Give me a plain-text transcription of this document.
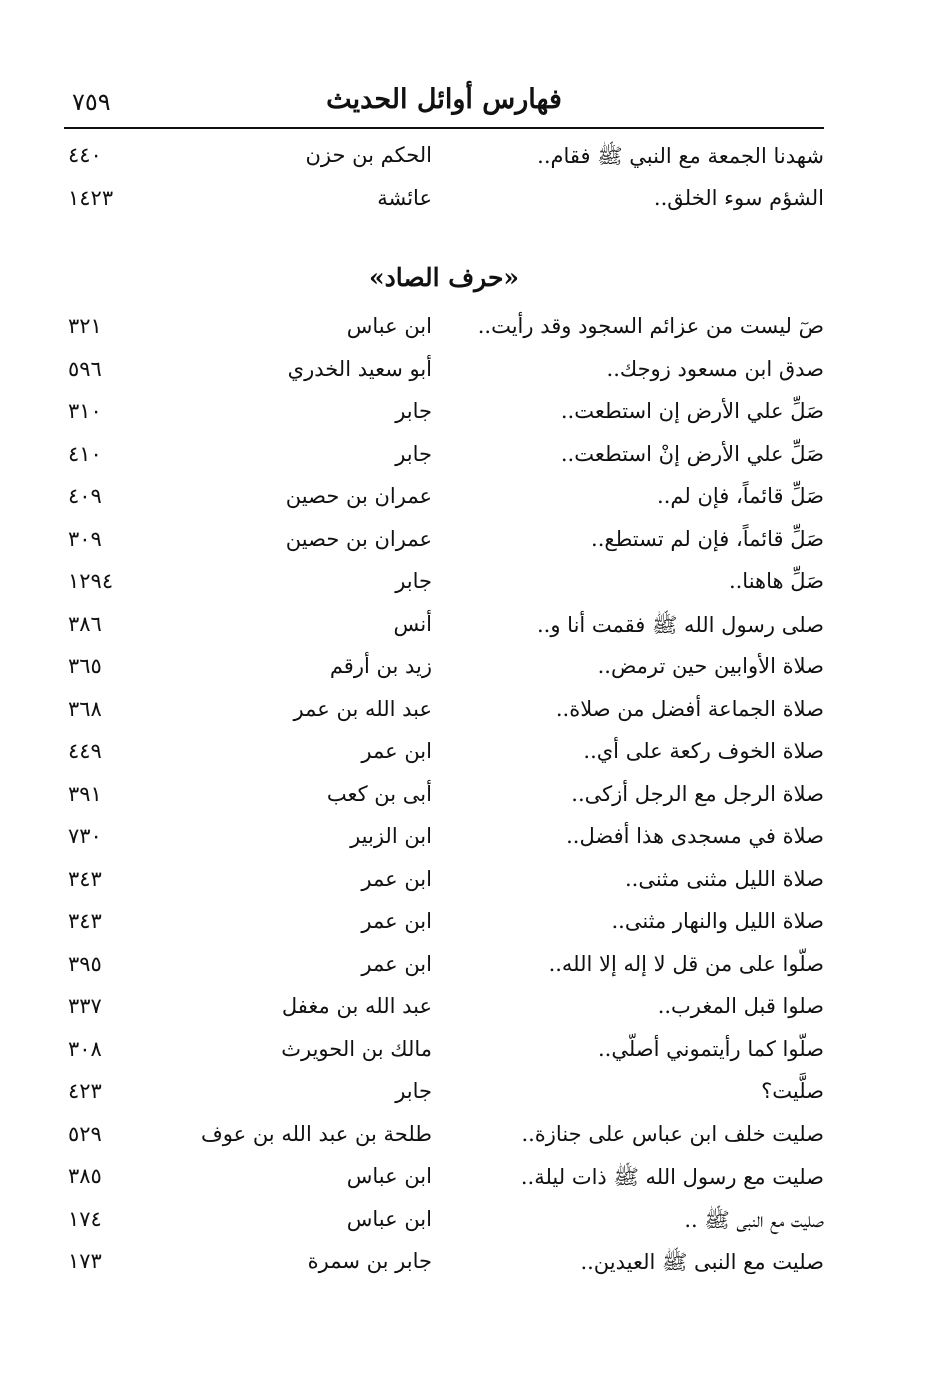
فهارس أوائل الحديث
٧٥٩
شهدنا الجمعة مع النبي ﷺ فقام..
الحكم بن حزن
٤٤٠
الشؤم سوء الخلق..
عائشة
١٤٢٣
«حرف الصاد»
صٓ ليست من عزائم السجود وقد رأيت..
ابن عباس
٣٢١
صدق ابن مسعود زوجك..
أبو سعيد الخدري
٥٩٦
صَلِّ علي الأرض إن استطعت..
جابر
٣١٠
صَلِّ علي الأرض إنْ استطعت..
جابر
٤١٠
صَلِّ قائماً، فإن لم..
عمران بن حصين
٤٠٩
صَلِّ قائماً، فإن لم تستطع..
عمران بن حصين
٣٠٩
صَلِّ هاهنا..
جابر
١٢٩٤
صلى رسول الله ﷺ فقمت أنا و..
أنس
٣٨٦
صلاة الأوابين حين ترمض..
زيد بن أرقم
٣٦٥
صلاة الجماعة أفضل من صلاة..
عبد الله بن عمر
٣٦٨
صلاة الخوف ركعة على أي..
ابن عمر
٤٤٩
صلاة الرجل مع الرجل أزكى..
أبى بن كعب
٣٩١
صلاة في مسجدى هذا أفضل..
ابن الزبير
٧٣٠
صلاة الليل مثنى مثنى..
ابن عمر
٣٤٣
صلاة الليل والنهار مثنى..
ابن عمر
٣٤٣
صلّوا على من قل لا إله إلا الله..
ابن عمر
٣٩٥
صلوا قبل المغرب..
عبد الله بن مغفل
٣٣٧
صلّوا كما رأيتموني أصلّي..
مالك بن الحويرث
٣٠٨
صلَّيت؟
جابر
٤٢٣
صليت خلف ابن عباس على جنازة..
طلحة بن عبد الله بن عوف
٥٢٩
صليت مع رسول الله ﷺ ذات ليلة..
ابن عباس
٣٨٥
صليت مع النبى ﷺ ..
ابن عباس
١٧٤
صليت مع النبى ﷺ العيدين..
جابر بن سمرة
١٧٣
